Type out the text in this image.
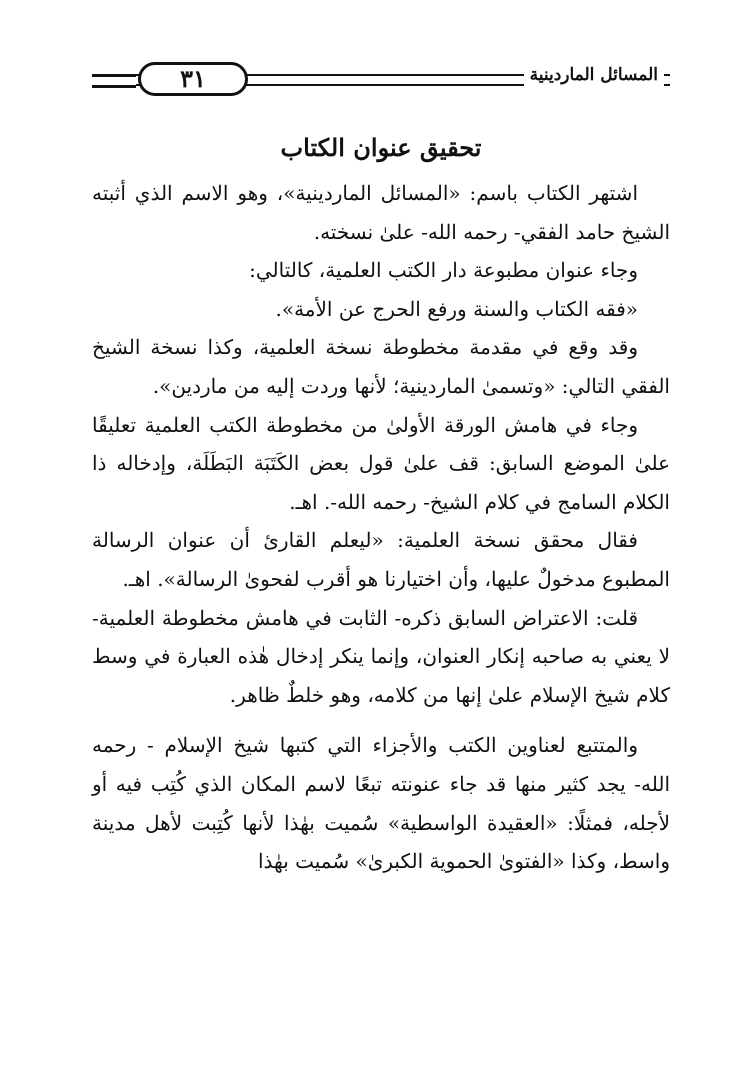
٣١	المسائل الماردينية
تحقيق عنوان الكتاب

اشتهر الكتاب باسم: «المسائل الماردينية»، وهو الاسم الذي أثبته الشيخ حامد الفقي- رحمه الله- علىٰ نسخته.

وجاء عنوان مطبوعة دار الكتب العلمية، كالتالي:

«فقه الكتاب والسنة ورفع الحرج عن الأمة».

وقد وقع في مقدمة مخطوطة نسخة العلمية، وكذا نسخة الشيخ الفقي التالي: «وتسمىٰ الماردينية؛ لأنها وردت إليه من ماردين».

وجاء في هامش الورقة الأولىٰ من مخطوطة الكتب العلمية تعليقًا علىٰ الموضع السابق: قف علىٰ قول بعض الكَتَبَة البَطَلَة، وإدخاله ذا الكلام السامج في كلام الشيخ- رحمه الله-. اهـ.

فقال محقق نسخة العلمية: «ليعلم القارئ أن عنوان الرسالة المطبوع مدخولٌ عليها، وأن اختيارنا هو أقرب لفحوىٰ الرسالة». اهـ.

قلت: الاعتراض السابق ذكره- الثابت في هامش مخطوطة العلمية- لا يعني به صاحبه إنكار العنوان، وإنما ينكر إدخال هٰذه العبارة في وسط كلام شيخ الإسلام علىٰ إنها من كلامه، وهو خلطٌ ظاهر.

والمتتبع لعناوين الكتب والأجزاء التي كتبها شيخ الإسلام - رحمه الله- يجد كثير منها قد جاء عنونته تبعًا لاسم المكان الذي كُتِب فيه أو لأجله، فمثلًا: «العقيدة الواسطية» سُميت بهٰذا لأنها كُتِبت لأهل مدينة واسط، وكذا «الفتوىٰ الحموية الكبرىٰ» سُميت بهٰذا
